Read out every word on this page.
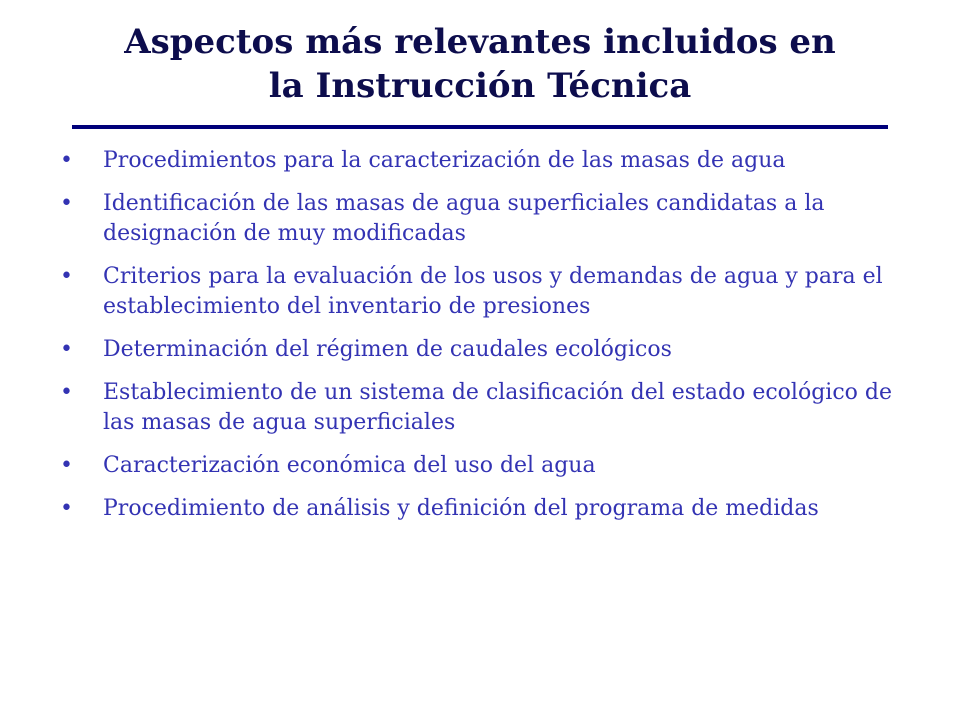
Aspectos más relevantes incluidos en
la Instrucción Técnica
• Procedimientos para la caracterización de las masas de agua
• Identificación de las masas de agua superficiales candidatas a la designación de muy modificadas
• Criterios para la evaluación de los usos y demandas de agua y para el establecimiento del inventario de presiones
• Determinación del régimen de caudales ecológicos
• Establecimiento de un sistema de clasificación del estado ecológico de las masas de agua superficiales
• Caracterización económica del uso del agua
• Procedimiento de análisis y definición del programa de medidas
